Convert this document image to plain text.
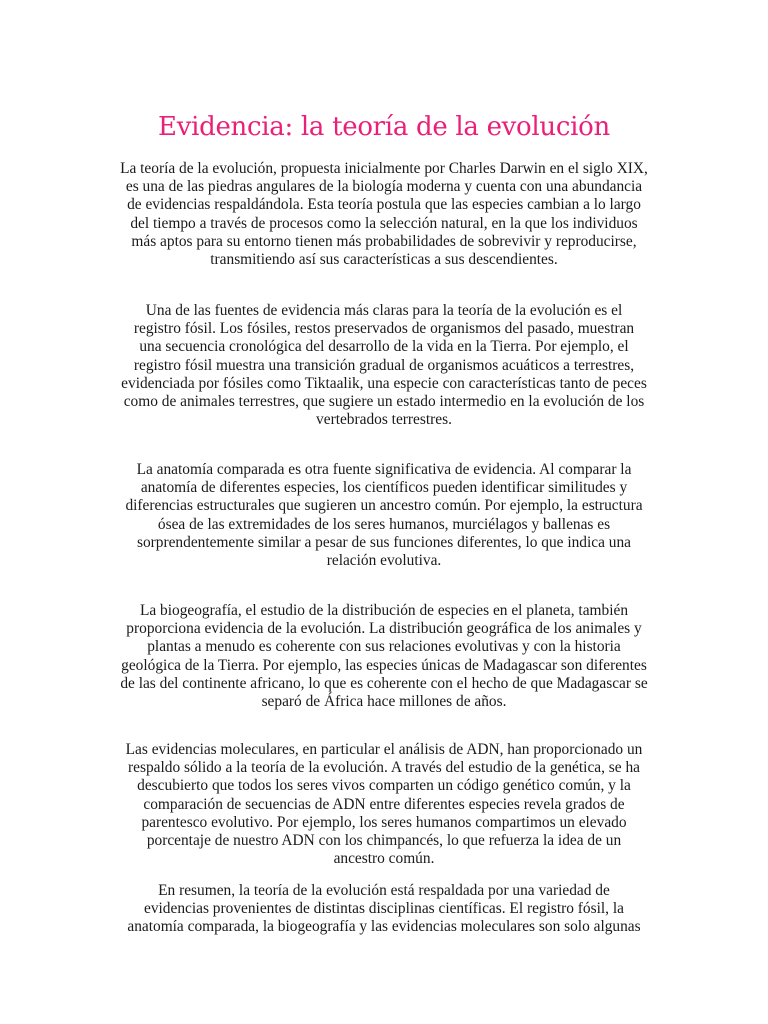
Evidencia: la teoría de la evolución

La teoría de la evolución, propuesta inicialmente por Charles Darwin en el siglo XIX,
es una de las piedras angulares de la biología moderna y cuenta con una abundancia
de evidencias respaldándola. Esta teoría postula que las especies cambian a lo largo
del tiempo a través de procesos como la selección natural, en la que los individuos
más aptos para su entorno tienen más probabilidades de sobrevivir y reproducirse,
transmitiendo así sus características a sus descendientes.

Una de las fuentes de evidencia más claras para la teoría de la evolución es el
registro fósil. Los fósiles, restos preservados de organismos del pasado, muestran
una secuencia cronológica del desarrollo de la vida en la Tierra. Por ejemplo, el
registro fósil muestra una transición gradual de organismos acuáticos a terrestres,
evidenciada por fósiles como Tiktaalik, una especie con características tanto de peces
como de animales terrestres, que sugiere un estado intermedio en la evolución de los
vertebrados terrestres.

La anatomía comparada es otra fuente significativa de evidencia. Al comparar la
anatomía de diferentes especies, los científicos pueden identificar similitudes y
diferencias estructurales que sugieren un ancestro común. Por ejemplo, la estructura
ósea de las extremidades de los seres humanos, murciélagos y ballenas es
sorprendentemente similar a pesar de sus funciones diferentes, lo que indica una
relación evolutiva.

La biogeografía, el estudio de la distribución de especies en el planeta, también
proporciona evidencia de la evolución. La distribución geográfica de los animales y
plantas a menudo es coherente con sus relaciones evolutivas y con la historia
geológica de la Tierra. Por ejemplo, las especies únicas de Madagascar son diferentes
de las del continente africano, lo que es coherente con el hecho de que Madagascar se
separó de África hace millones de años.

Las evidencias moleculares, en particular el análisis de ADN, han proporcionado un
respaldo sólido a la teoría de la evolución. A través del estudio de la genética, se ha
descubierto que todos los seres vivos comparten un código genético común, y la
comparación de secuencias de ADN entre diferentes especies revela grados de
parentesco evolutivo. Por ejemplo, los seres humanos compartimos un elevado
porcentaje de nuestro ADN con los chimpancés, lo que refuerza la idea de un
ancestro común.

En resumen, la teoría de la evolución está respaldada por una variedad de
evidencias provenientes de distintas disciplinas científicas. El registro fósil, la
anatomía comparada, la biogeografía y las evidencias moleculares son solo algunas
